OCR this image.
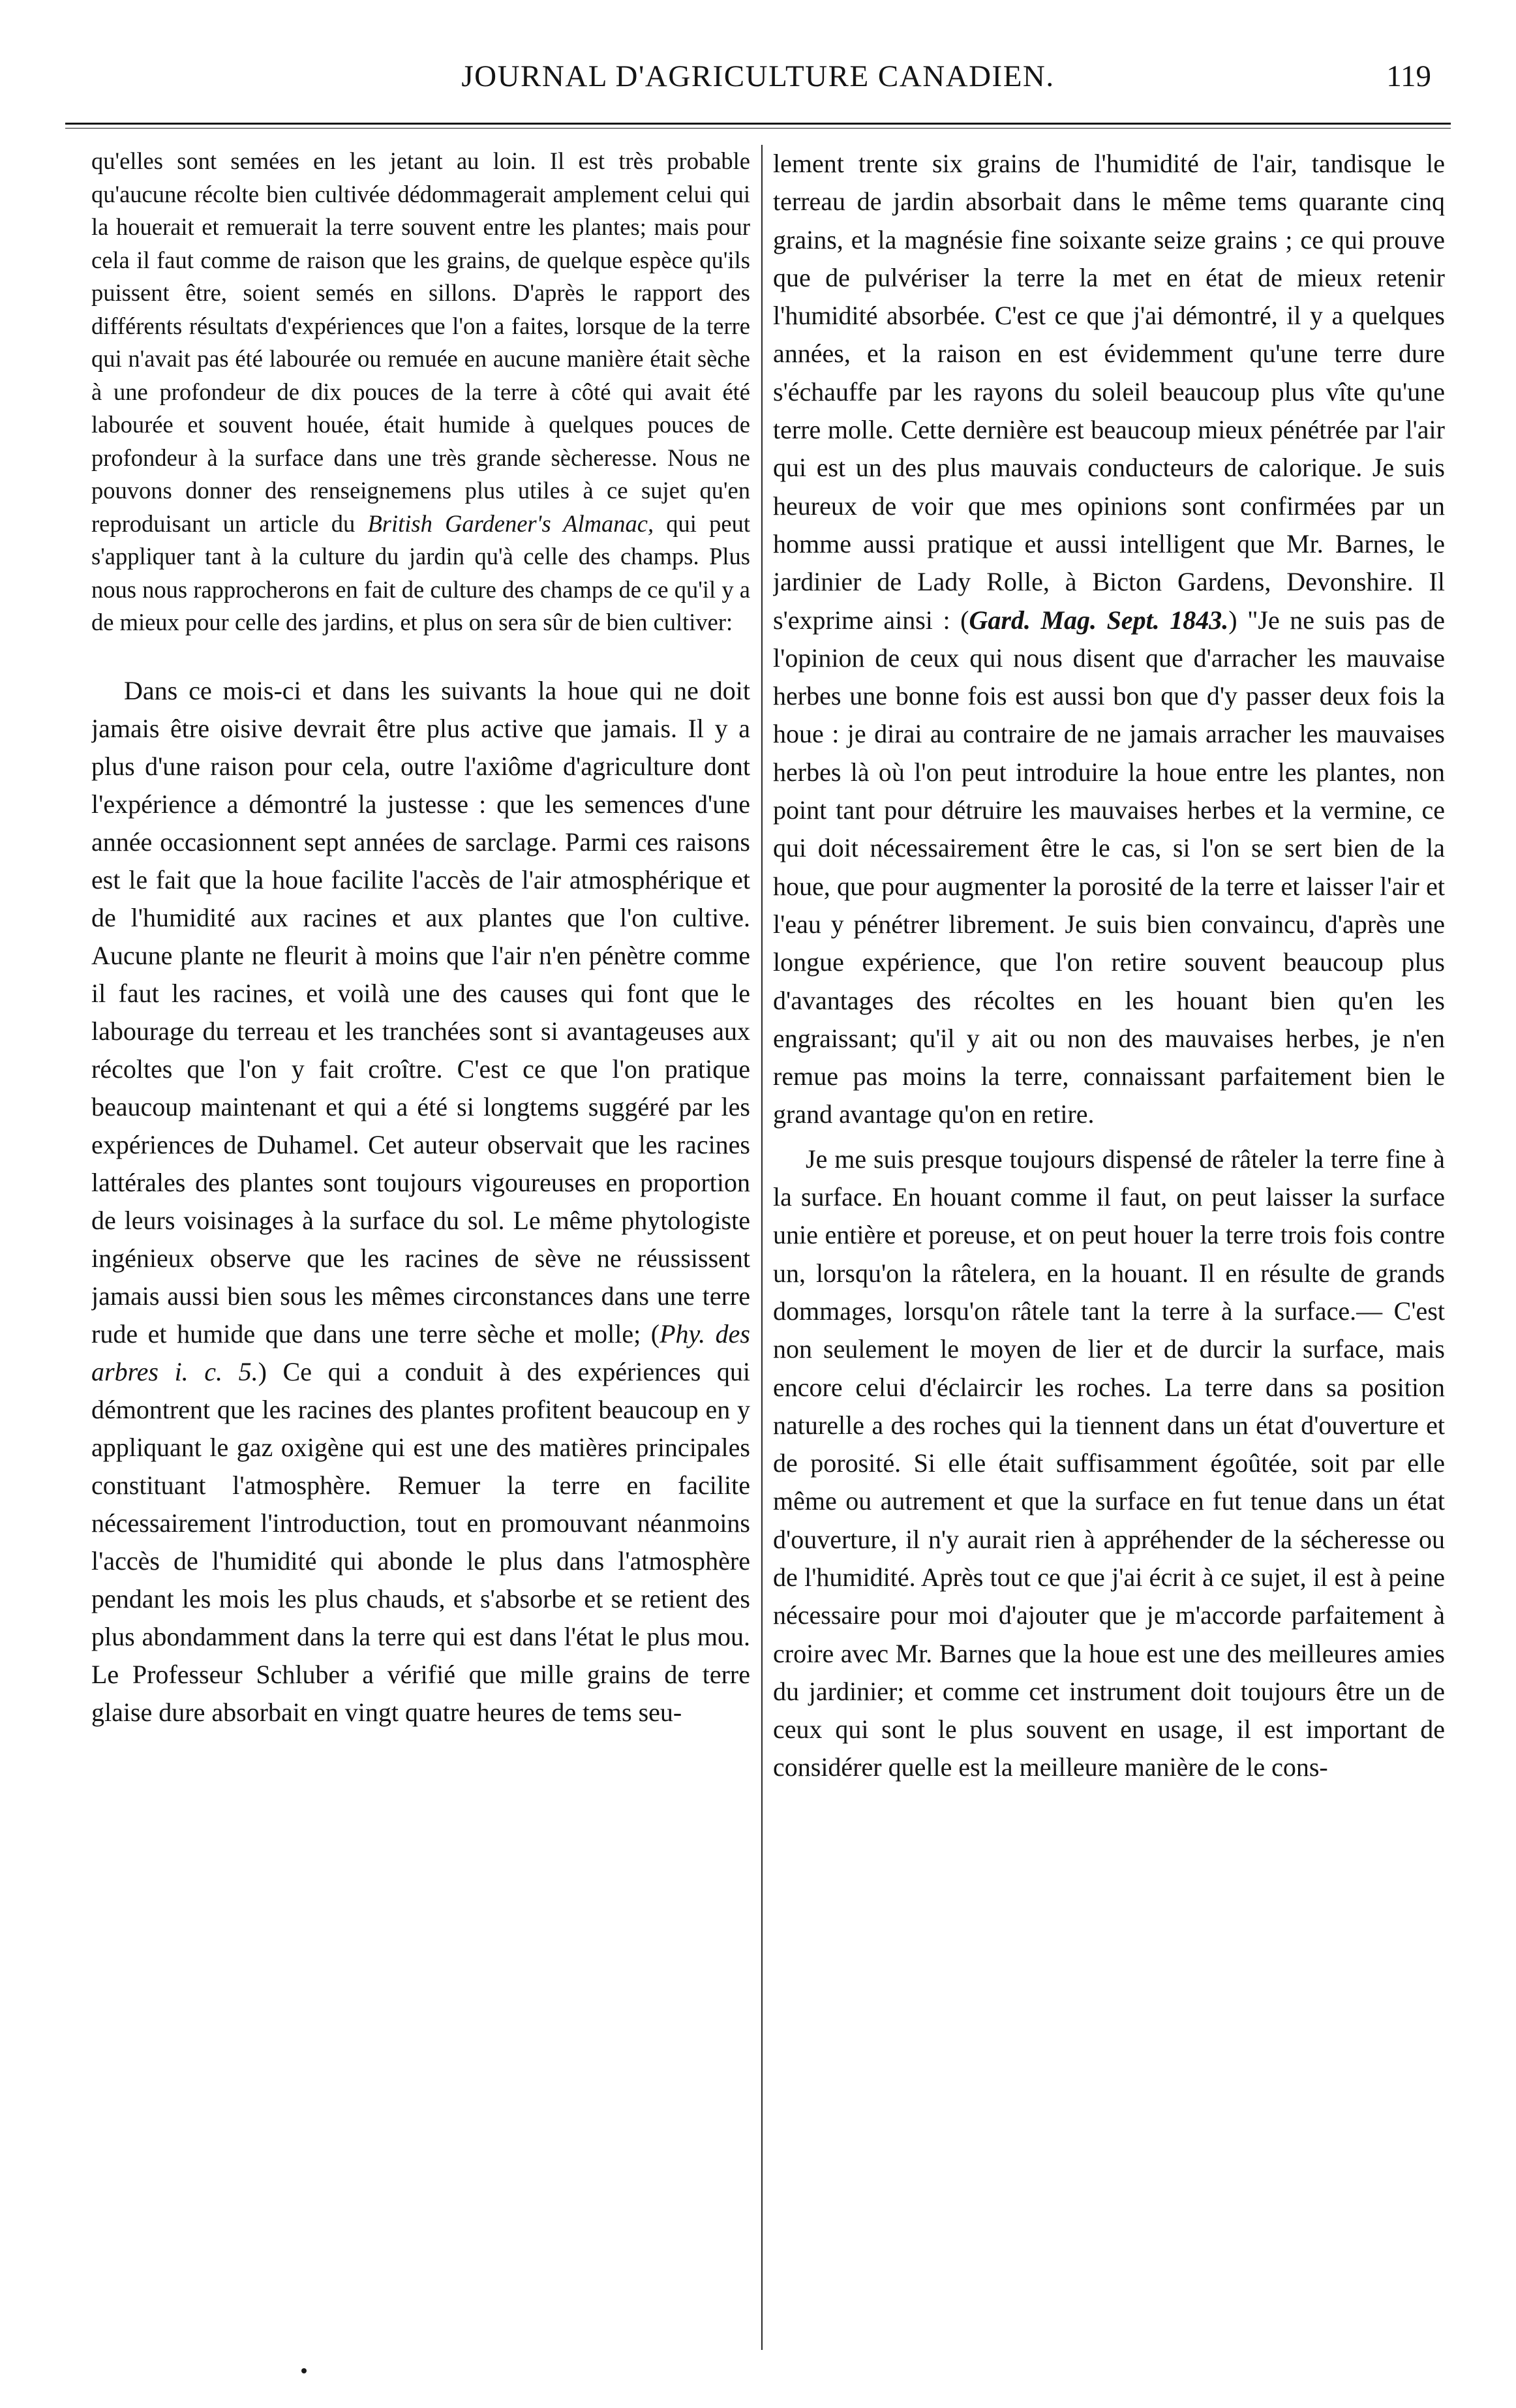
JOURNAL D'AGRICULTURE CANADIEN.	119

qu'elles sont semées en les jetant au loin. Il est très probable qu'aucune récolte bien cultivée dédommagerait amplement celui qui la houerait et remuerait la terre souvent entre les plantes; mais pour cela il faut comme de raison que les grains, de quelque espèce qu'ils puissent être, soient semés en sillons. D'après le rapport des différents résultats d'expériences que l'on a faites, lorsque de la terre qui n'avait pas été labourée ou remuée en aucune manière était sèche à une profondeur de dix pouces de la terre à côté qui avait été labourée et souvent houée, était humide à quelques pouces de profondeur à la surface dans une très grande sècheresse. Nous ne pouvons donner des renseignemens plus utiles à ce sujet qu'en reproduisant un article du British Gardener's Almanac, qui peut s'appliquer tant à la culture du jardin qu'à celle des champs. Plus nous nous rapprocherons en fait de culture des champs de ce qu'il y a de mieux pour celle des jardins, et plus on sera sûr de bien cultiver:

Dans ce mois-ci et dans les suivants la houe qui ne doit jamais être oisive devrait être plus active que jamais. Il y a plus d'une raison pour cela, outre l'axiôme d'agriculture dont l'expérience a démontré la justesse : que les semences d'une année occasionnent sept années de sarclage. Parmi ces raisons est le fait que la houe facilite l'accès de l'air atmosphérique et de l'humidité aux racines et aux plantes que l'on cultive. Aucune plante ne fleurit à moins que l'air n'en pénètre comme il faut les racines, et voilà une des causes qui font que le labourage du terreau et les tranchées sont si avantageuses aux récoltes que l'on y fait croître. C'est ce que l'on pratique beaucoup maintenant et qui a été si longtems suggéré par les expériences de Duhamel. Cet auteur observait que les racines lattérales des plantes sont toujours vigoureuses en proportion de leurs voisinages à la surface du sol. Le même phytologiste ingénieux observe que les racines de sève ne réussissent jamais aussi bien sous les mêmes circonstances dans une terre rude et humide que dans une terre sèche et molle; (Phy. des arbres i. c. 5.) Ce qui a conduit à des expériences qui démontrent que les racines des plantes profitent beaucoup en y appliquant le gaz oxigène qui est une des matières principales constituant l'atmosphère. Remuer la terre en facilite nécessairement l'introduction, tout en promouvant néanmoins l'accès de l'humidité qui abonde le plus dans l'atmosphère pendant les mois les plus chauds, et s'absorbe et se retient des plus abondamment dans la terre qui est dans l'état le plus mou. Le Professeur Schluber a vérifié que mille grains de terre glaise dure absorbait en vingt quatre heures de tems seu-

lement trente six grains de l'humidité de l'air, tandisque le terreau de jardin absorbait dans le même tems quarante cinq grains, et la magnésie fine soixante seize grains ; ce qui prouve que de pulvériser la terre la met en état de mieux retenir l'humidité absorbée. C'est ce que j'ai démontré, il y a quelques années, et la raison en est évidemment qu'une terre dure s'échauffe par les rayons du soleil beaucoup plus vîte qu'une terre molle. Cette dernière est beaucoup mieux pénétrée par l'air qui est un des plus mauvais conducteurs de calorique. Je suis heureux de voir que mes opinions sont confirmées par un homme aussi pratique et aussi intelligent que Mr. Barnes, le jardinier de Lady Rolle, à Bicton Gardens, Devonshire. Il s'exprime ainsi : (Gard. Mag. Sept. 1843.) "Je ne suis pas de l'opinion de ceux qui nous disent que d'arracher les mauvaise herbes une bonne fois est aussi bon que d'y passer deux fois la houe : je dirai au contraire de ne jamais arracher les mauvaises herbes là où l'on peut introduire la houe entre les plantes, non point tant pour détruire les mauvaises herbes et la vermine, ce qui doit nécessairement être le cas, si l'on se sert bien de la houe, que pour augmenter la porosité de la terre et laisser l'air et l'eau y pénétrer librement. Je suis bien convaincu, d'après une longue expérience, que l'on retire souvent beaucoup plus d'avantages des récoltes en les houant bien qu'en les engraissant; qu'il y ait ou non des mauvaises herbes, je n'en remue pas moins la terre, connaissant parfaitement bien le grand avantage qu'on en retire.

Je me suis presque toujours dispensé de râteler la terre fine à la surface. En houant comme il faut, on peut laisser la surface unie entière et poreuse, et on peut houer la terre trois fois contre un, lorsqu'on la râtelera, en la houant. Il en résulte de grands dommages, lorsqu'on râtele tant la terre à la surface.— C'est non seulement le moyen de lier et de durcir la surface, mais encore celui d'éclaircir les roches. La terre dans sa position naturelle a des roches qui la tiennent dans un état d'ouverture et de porosité. Si elle était suffisamment égoûtée, soit par elle même ou autrement et que la surface en fut tenue dans un état d'ouverture, il n'y aurait rien à appréhender de la sécheresse ou de l'humidité. Après tout ce que j'ai écrit à ce sujet, il est à peine nécessaire pour moi d'ajouter que je m'accorde parfaitement à croire avec Mr. Barnes que la houe est une des meilleures amies du jardinier; et comme cet instrument doit toujours être un de ceux qui sont le plus souvent en usage, il est important de considérer quelle est la meilleure manière de le cons-
